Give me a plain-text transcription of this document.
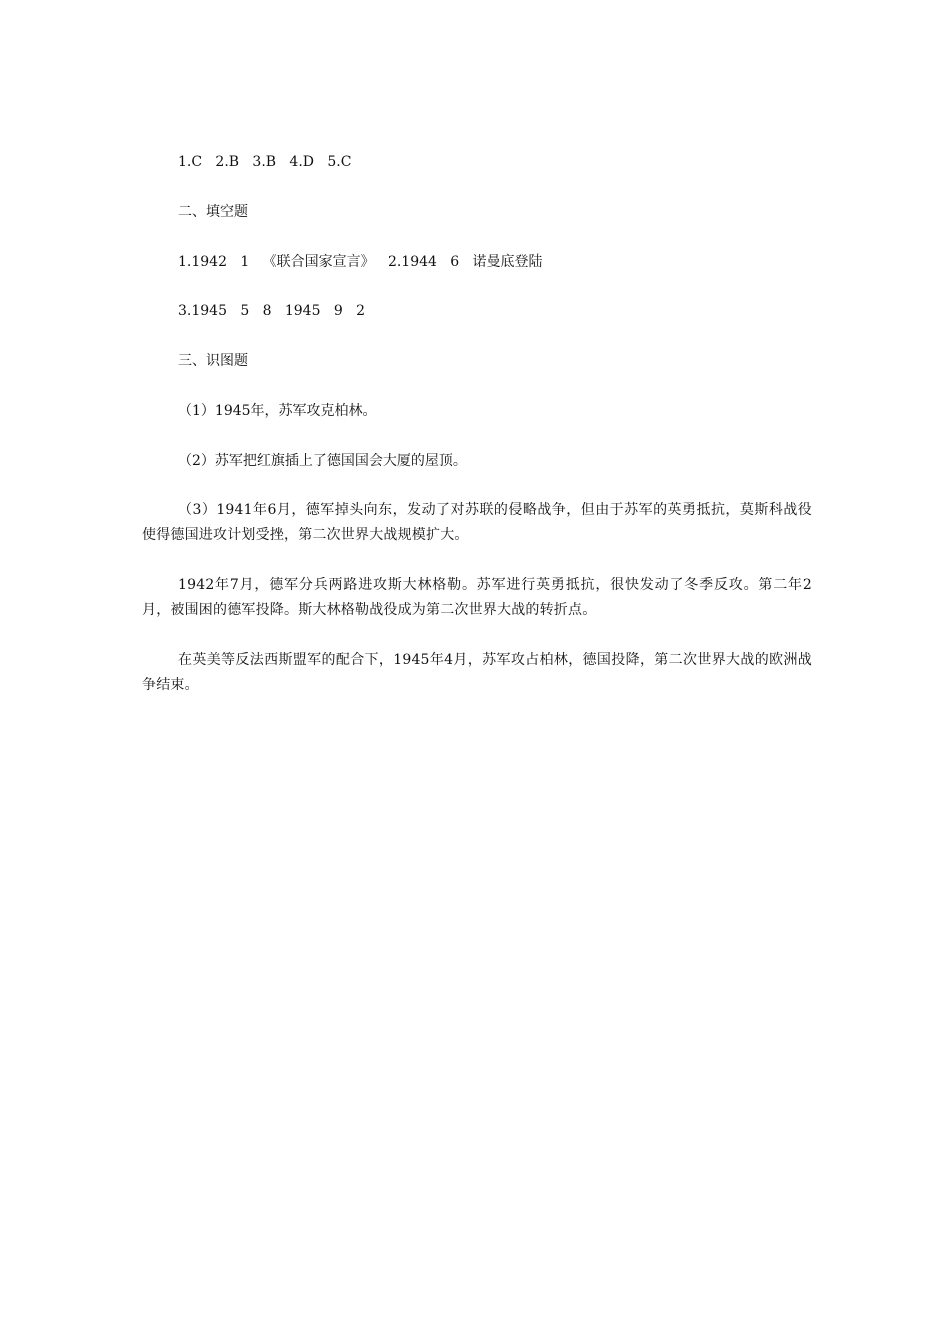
1.C   2.B   3.B   4.D   5.C
二、填空题
1.1942   1   《联合国家宣言》   2.1944   6   诺曼底登陆
3.1945   5   8   1945   9   2
三、识图题
（1）1945年，苏军攻克柏林。
（2）苏军把红旗插上了德国国会大厦的屋顶。
（3）1941年6月，德军掉头向东，发动了对苏联的侵略战争，但由于苏军的英勇抵抗，莫斯科战役使得德国进攻计划受挫，第二次世界大战规模扩大。
1942年7月，德军分兵两路进攻斯大林格勒。苏军进行英勇抵抗，很快发动了冬季反攻。第二年2月，被围困的德军投降。斯大林格勒战役成为第二次世界大战的转折点。
在英美等反法西斯盟军的配合下，1945年4月，苏军攻占柏林，德国投降，第二次世界大战的欧洲战争结束。
